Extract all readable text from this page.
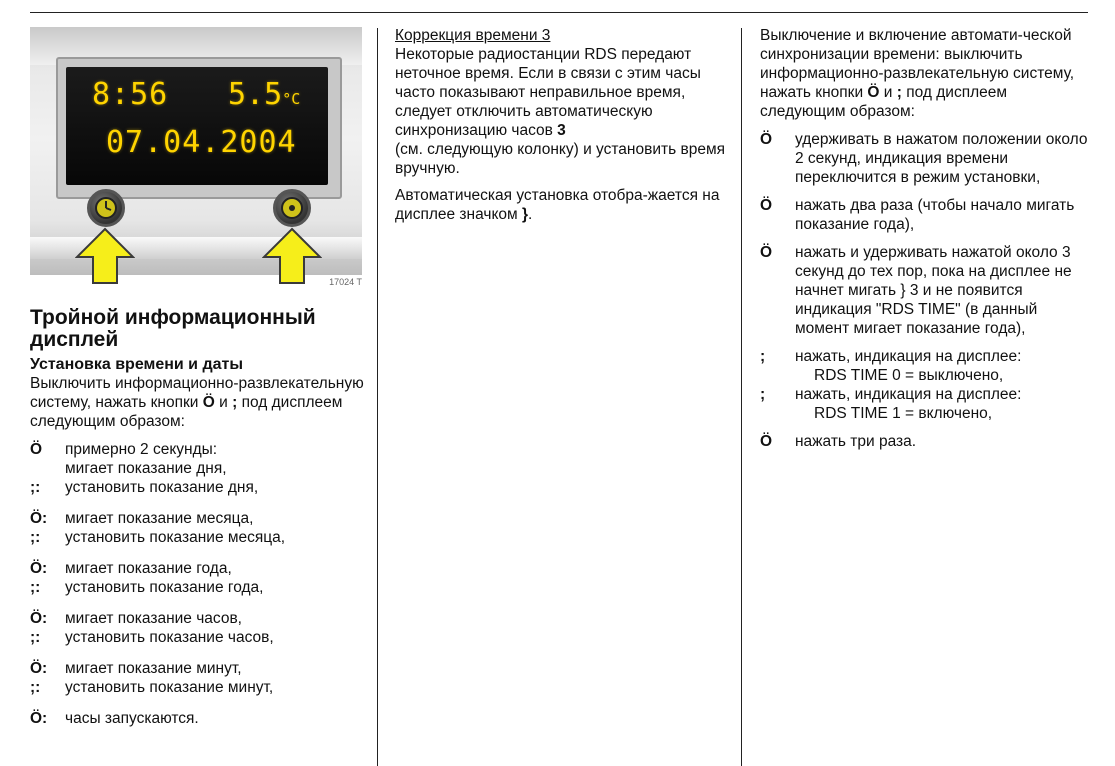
8:56 5.5°C
07.04.2004
17024 T

Тройной информационный дисплей

Установка времени и даты

Выключить информационно-развлекательную систему, нажать кнопки Ö и ; под дисплеем следующим образом:

Ö	примерно 2 секунды:

мигает показание дня,

;:	установить показание дня,

Ö:	мигает показание месяца,

;:	установить показание месяца,

Ö:	мигает показание года,

;:	установить показание года,

Ö:	мигает показание часов,

;:	установить показание часов,

Ö:	мигает показание минут,

;:	установить показание минут,

Ö:	часы запускаются.

Коррекция времени 3

Некоторые радиостанции RDS передают неточное время. Если в связи с этим часы часто показывают неправильное время, следует отключить автоматическую синхронизацию часов 3
(см. следующую колонку) и установить время вручную.

Автоматическая установка отобра-жается на дисплее значком }.

Выключение и включение автомати-ческой синхронизации времени: выключить информационно-развлекательную систему, нажать кнопки Ö и ; под дисплеем следующим образом:

Ö	удерживать в нажатом положении около 2 секунд, индикация времени переключится в режим установки,

Ö	нажать два раза (чтобы начало мигать показание года),

Ö	нажать и удерживать нажатой около 3 секунд до тех пор, пока на дисплее не начнет мигать } 3 и не появится индикация "RDS TIME" (в данный момент мигает показание года),

;	нажать, индикация на дисплее:

RDS TIME 0 = выключено,

;	нажать, индикация на дисплее:

RDS TIME 1 = включено,

Ö	нажать три раза.
